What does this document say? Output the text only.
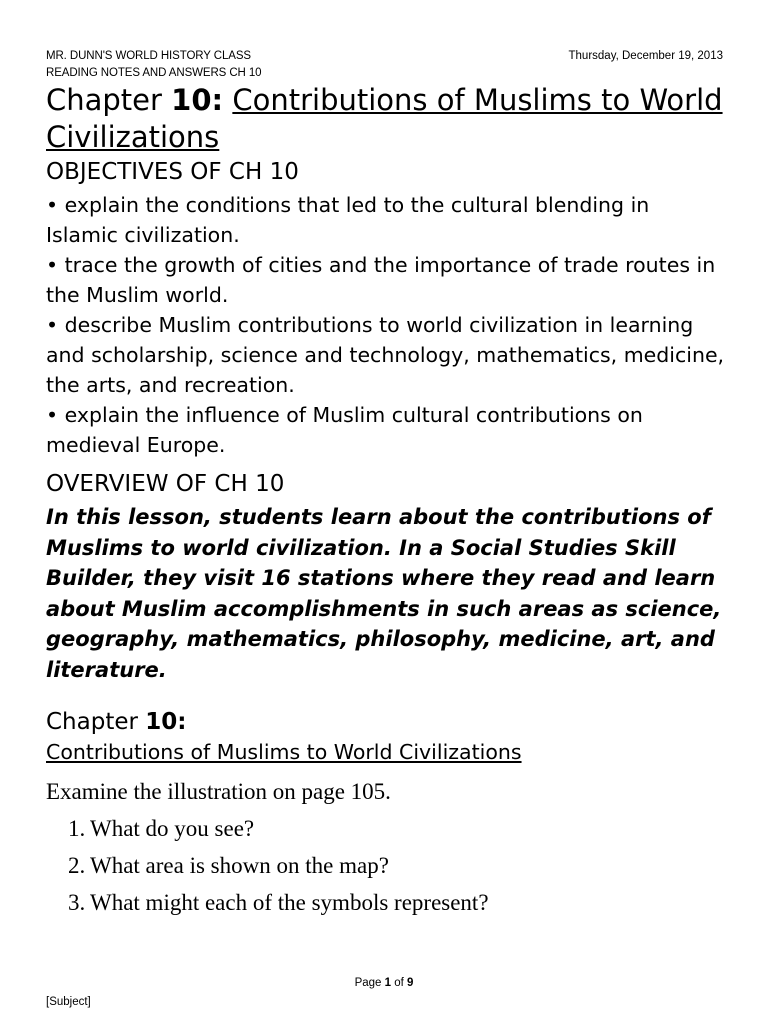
MR. DUNN'S WORLD HISTORY CLASS
READING NOTES AND ANSWERS CH 10
Thursday, December 19, 2013
Chapter 10: Contributions of Muslims to World Civilizations
OBJECTIVES OF CH 10

• explain the conditions that led to the cultural blending in Islamic civilization.

• trace the growth of cities and the importance of trade routes in the Muslim world.

• describe Muslim contributions to world civilization in learning and scholarship, science and technology, mathematics, medicine, the arts, and recreation.

• explain the influence of Muslim cultural contributions on medieval Europe.

OVERVIEW OF CH 10

In this lesson, students learn about the contributions of Muslims to world civilization. In a Social Studies Skill Builder, they visit 16 stations where they read and learn about Muslim accomplishments in such areas as science, geography, mathematics, philosophy, medicine, art, and literature.

Chapter 10:
Contributions of Muslims to World Civilizations
Examine the illustration on page 105.
1. What do you see?
2. What area is shown on the map?
3. What might each of the symbols represent?
Page 1 of 9
[Subject]
